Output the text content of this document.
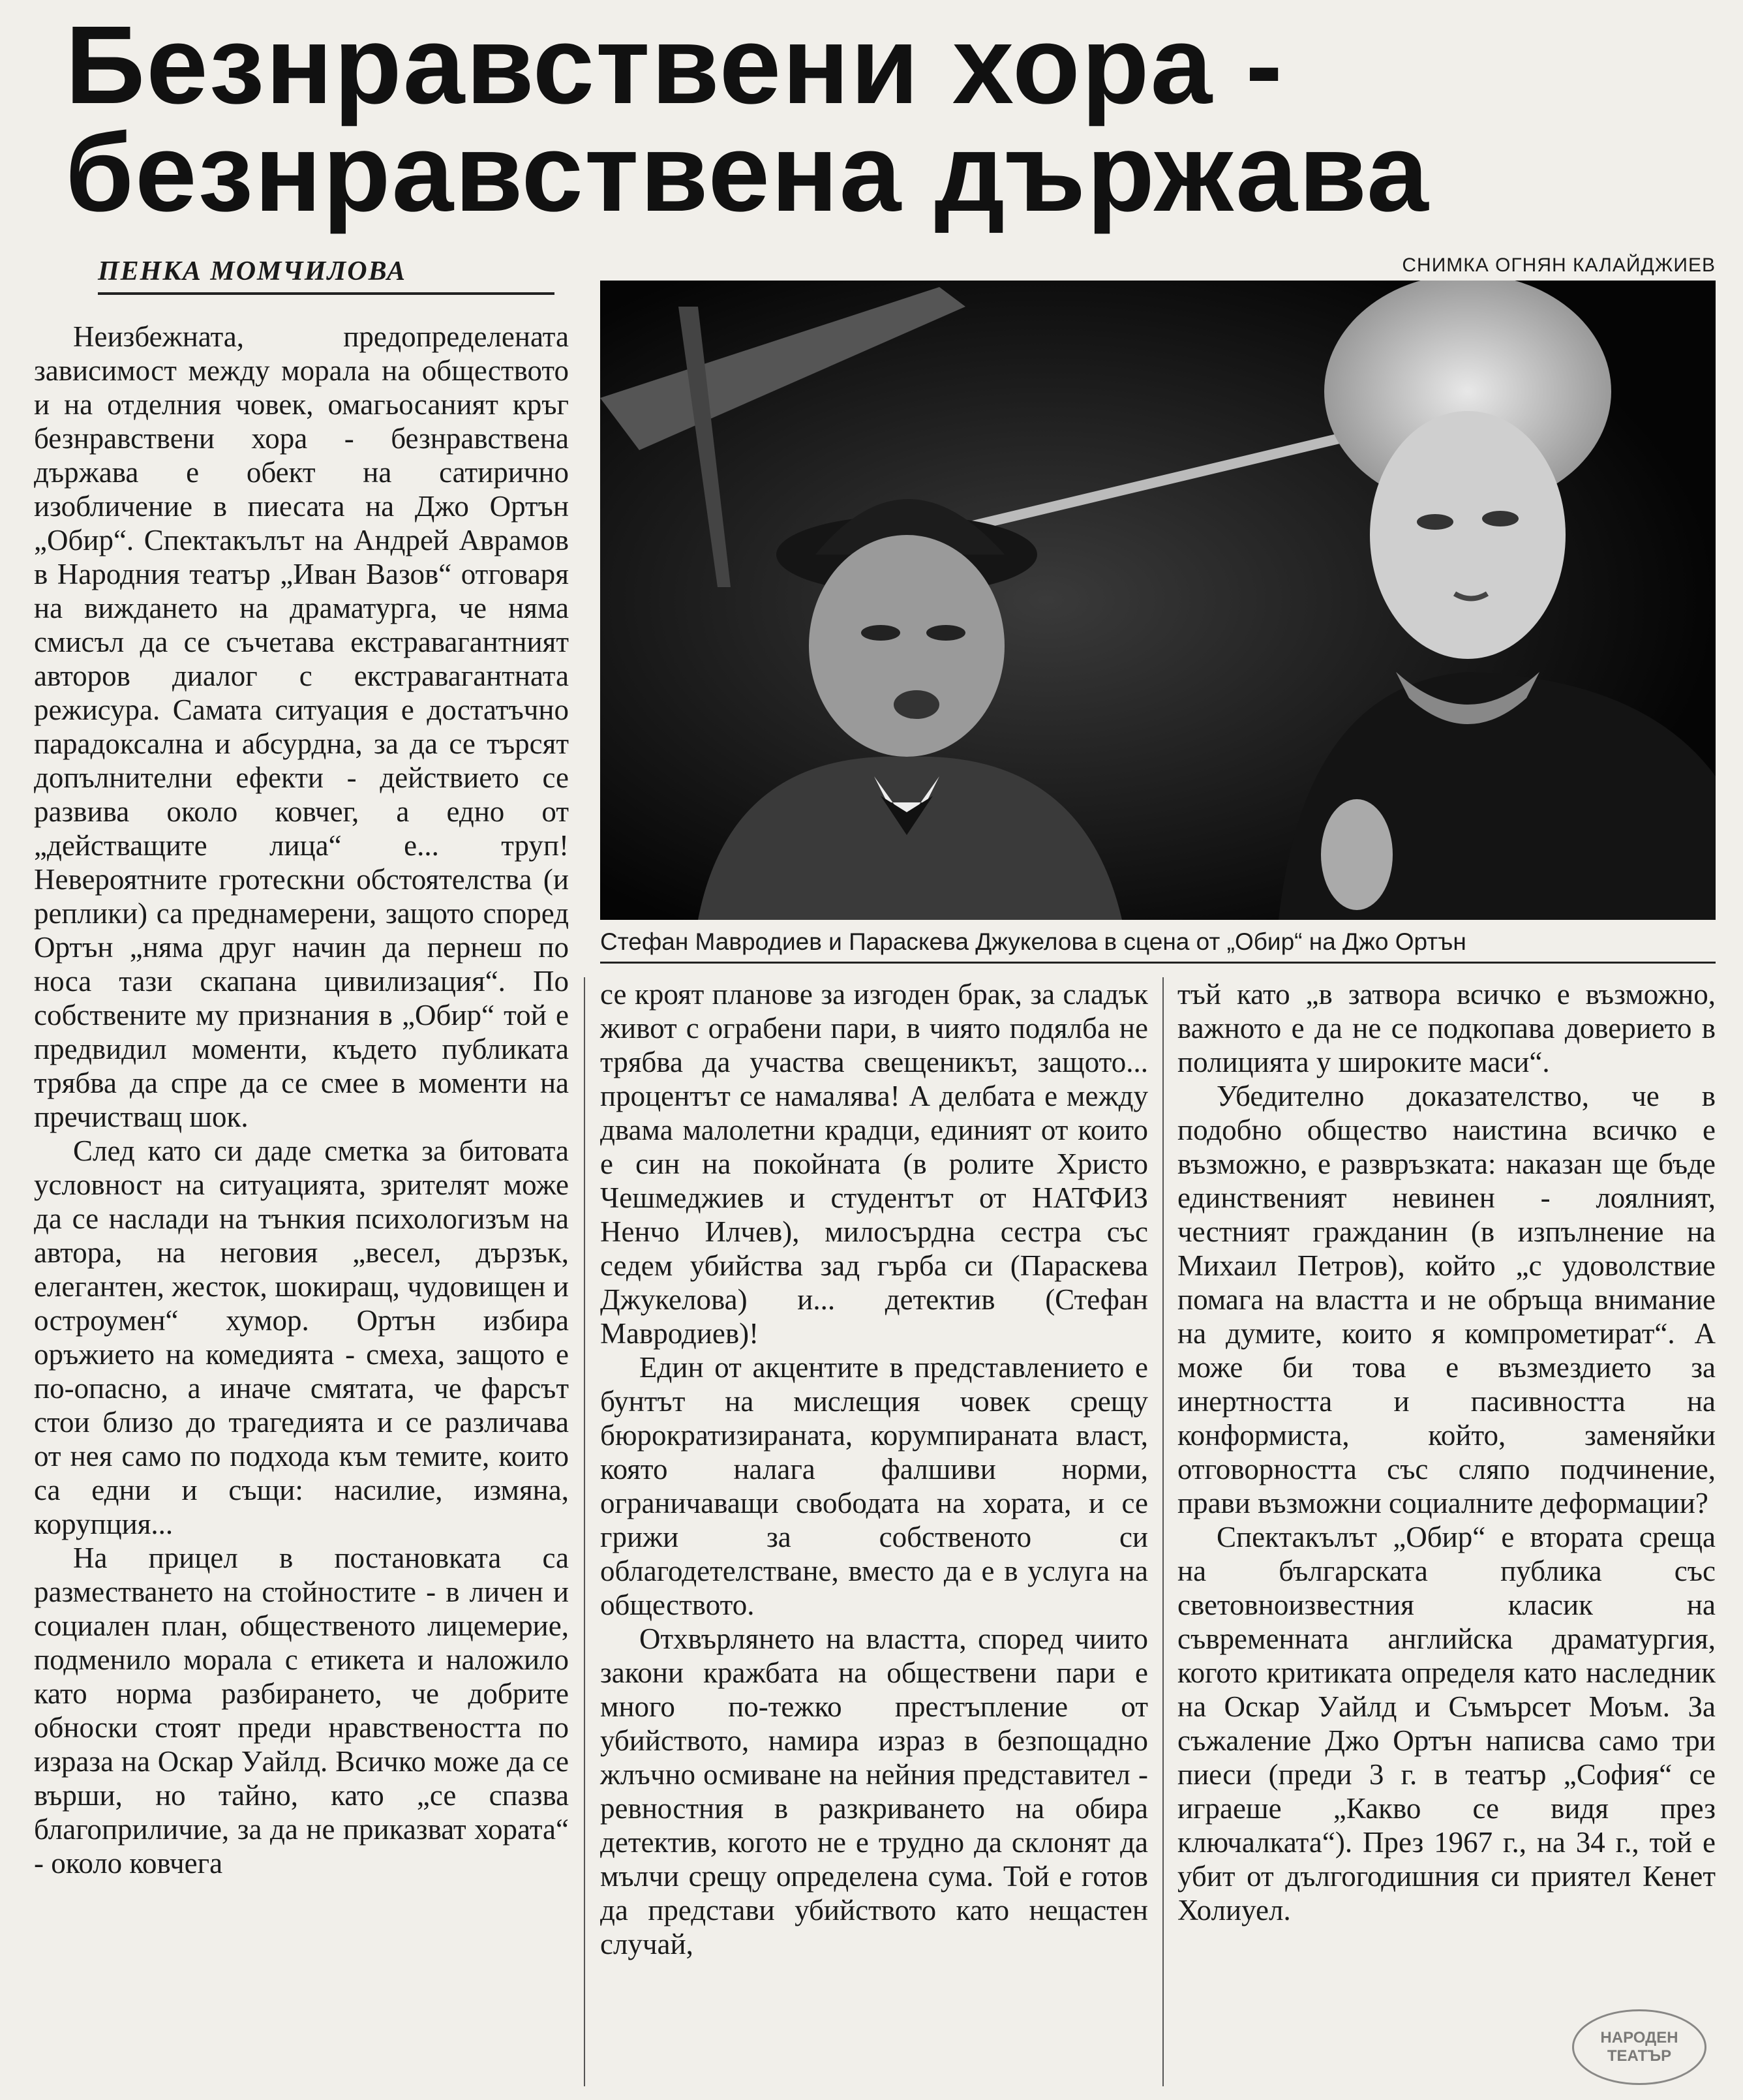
Безнравствени хора -
безнравствена държава
ПЕНКА МОМЧИЛОВА	СНИМКА ОГНЯН КАЛАЙДЖИЕВ
Стефан Мавродиев и Параскева Джукелова в сцена от „Обир“ на Джо Ортън

Неизбежната, предопределената зависимост между морала на обществото и на отделния човек, омагьосаният кръг безнравствени хора - безнравствена държава е обект на сатирично изобличение в пиесата на Джо Ортън „Обир“. Спектакълът на Андрей Аврамов в Народния театър „Иван Вазов“ отговаря на виждането на драматурга, че няма смисъл да се съчетава екстравагантният авторов диалог с екстравагантната режисура. Самата ситуация е достатъчно парадоксална и абсурдна, за да се търсят допълнителни ефекти - действието се развива около ковчег, а едно от „действащите лица“ е... труп! Невероятните гротескни обстоятелства (и реплики) са преднамерени, защото според Ортън „няма друг начин да пернеш по носа тази скапана цивилизация“. По собствените му признания в „Обир“ той е предвидил моменти, където публиката трябва да спре да се смее в моменти на пречистващ шок.

След като си даде сметка за битовата условност на ситуацията, зрителят може да се наслади на тънкия психологизъм на автора, на неговия „весел, дързък, елегантен, жесток, шокиращ, чудовищен и остроумен“ хумор. Ортън избира оръжието на комедията - смеха, защото е по-опасно, а иначе смятата, че фарсът стои близо до трагедията и се различава от нея само по подхода към темите, които са едни и същи: насилие, измяна, корупция...

На прицел в постановката са разместването на стойностите - в личен и социален план, общественото лицемерие, подменило морала с етикета и наложило като норма разбирането, че добрите обноски стоят преди нравствеността по израза на Оскар Уайлд. Всичко може да се върши, но тайно, като „се спазва благоприличие, за да не приказват хората“ - около ковчега

се кроят планове за изгоден брак, за сладък живот с ограбени пари, в чиято подялба не трябва да участва свещеникът, защото... процентът се намалява! А делбата е между двама малолетни крадци, единият от които е син на покойната (в ролите Христо Чешмеджиев и студентът от НАТФИЗ Ненчо Илчев), милосърдна сестра със седем убийства зад гърба си (Параскева Джукелова) и... детектив (Стефан Мавродиев)!

Един от акцентите в представлението е бунтът на мислещия човек срещу бюрократизираната, корумпираната власт, която налага фалшиви норми, ограничаващи свободата на хората, и се грижи за собственото си облагодетелстване, вместо да е в услуга на обществото.

Отхвърлянето на властта, според чиито закони кражбата на обществени пари е много по-тежко престъпление от убийството, намира израз в безпощадно жлъчно осмиване на нейния представител - ревностния в разкриването на обира детектив, когото не е трудно да склонят да мълчи срещу определена сума. Той е готов да представи убийството като нещастен случай,

тъй като „в затвора всичко е възможно, важното е да не се подкопава доверието в полицията у широките маси“.

Убедително доказателство, че в подобно общество наистина всичко е възможно, е развръзката: наказан ще бъде единственият невинен - лоялният, честният гражданин (в изпълнение на Михаил Петров), който „с удоволствие помага на властта и не обръща внимание на думите, които я компрометират“. А може би това е възмездието за инертността и пасивността на конформиста, който, заменяйки отговорността със сляпо подчинение, прави възможни социалните деформации?

Спектакълът „Обир“ е втората среща на българската публика със световноизвестния класик на съвременната английска драматургия, когото критиката определя като наследник на Оскар Уайлд и Съмърсет Моъм. За съжаление Джо Ортън написва само три пиеси (преди 3 г. в театър „София“ се играеше „Какво се видя през ключалката“). През 1967 г., на 34 г., той е убит от дългогодишния си приятел Кенет Холиуел.

НАРОДЕН
ТЕАТЪР
